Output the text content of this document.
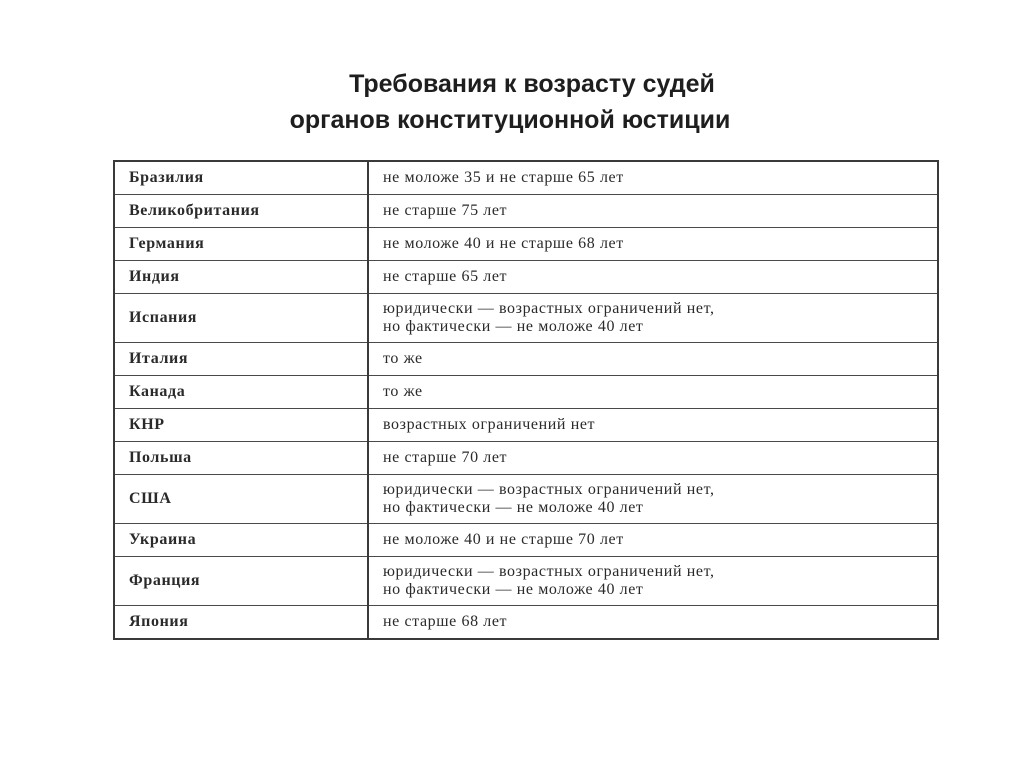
Требования к возрасту судей
органов конституционной юстиции
Бразилия	не моложе 35 и не старше 65 лет
Великобритания	не старше 75 лет
Германия	не моложе 40 и не старше 68 лет
Индия	не старше 65 лет
Испания	юридически — возрастных ограничений нет,
но фактически — не моложе 40 лет
Италия	то же
Канада	то же
КНР	возрастных ограничений нет
Польша	не старше 70 лет
США	юридически — возрастных ограничений нет,
но фактически — не моложе 40 лет
Украина	не моложе 40 и не старше 70 лет
Франция	юридически — возрастных ограничений нет,
но фактически — не моложе 40 лет
Япония	не старше 68 лет
